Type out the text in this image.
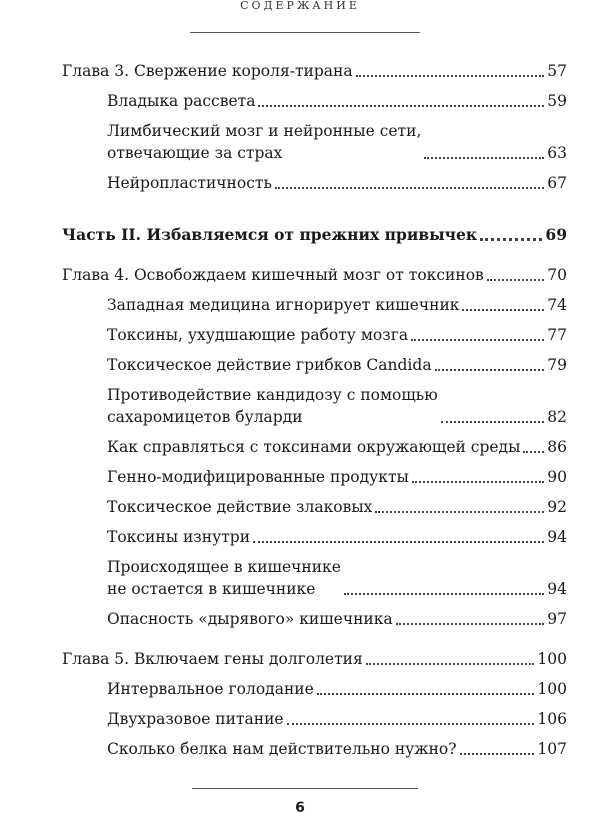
СОДЕРЖАНИЕ
Глава 3. Свержение короля-тирана	57
Владыка рассвета	59
Лимбический мозг и нейронные сети,
отвечающие за страх	63
Нейропластичность	67
Часть II. Избавляемся от прежних привычек	69
Глава 4. Освобождаем кишечный мозг от токсинов	70
Западная медицина игнорирует кишечник	74
Токсины, ухудшающие работу мозга	77
Токсическое действие грибков Candida	79
Противодействие кандидозу с помощью
сахаромицетов буларди	82
Как справляться с токсинами окружающей среды 86
Генно-модифицированные продукты	90
Токсическое действие злаковых	92
Токсины изнутри	94
Происходящее в кишечнике
не остается в кишечнике	94
Опасность «дырявого» кишечника	97
Глава 5. Включаем гены долголетия	100
Интервальное голодание	100
Двухразовое питание	106
Сколько белка нам действительно нужно?	107
6
